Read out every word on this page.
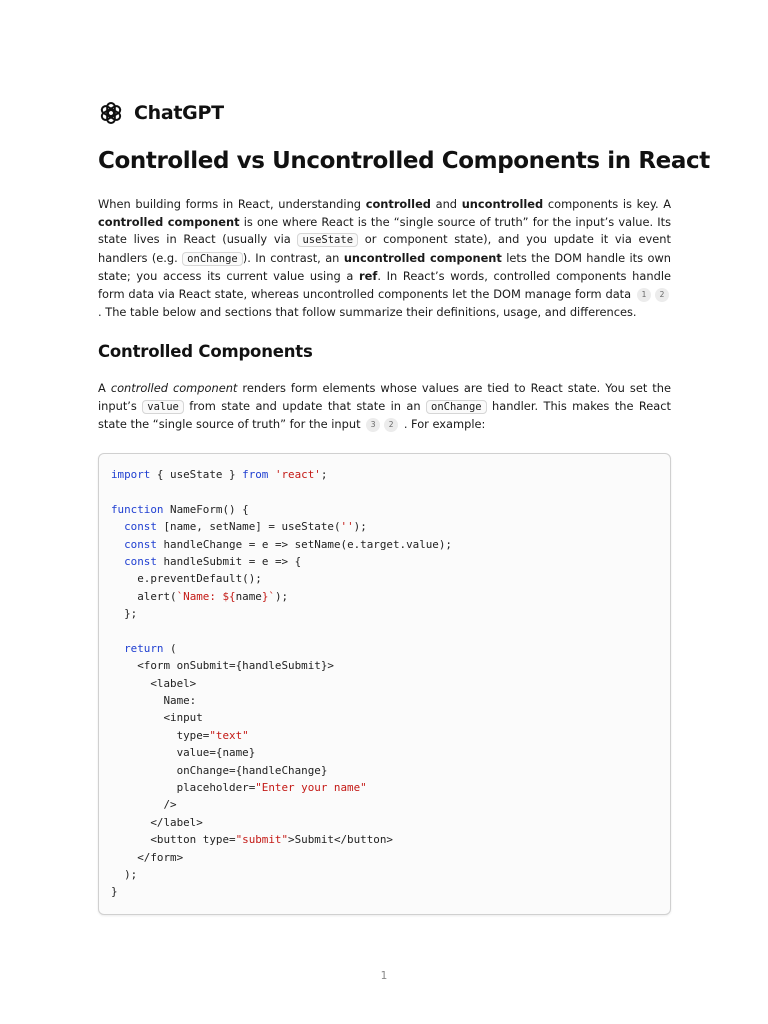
ChatGPT
Controlled vs Uncontrolled Components in React

When building forms in React, understanding controlled and uncontrolled components is key. A controlled component is one where React is the “single source of truth” for the input’s value. Its state lives in React (usually via useState or component state), and you update it via event handlers (e.g. onChange ). In contrast, an uncontrolled component lets the DOM handle its own state; you access its current value using a ref. In React’s words, controlled components handle form data via React state, whereas uncontrolled components let the DOM manage form data 1 2 . The table below and sections that follow summarize their definitions, usage, and differences.

Controlled Components

A controlled component renders form elements whose values are tied to React state. You set the input’s value from state and update that state in an onChange handler. This makes the React state the “single source of truth” for the input 3 2 . For example:

import { useState } from 'react';
function NameForm() {
const [name, setName] = useState('');
const handleChange = e => setName(e.target.value);
const handleSubmit = e => {
e.preventDefault();
alert(`Name: ${name}`);
};
return (
<form onSubmit={handleSubmit}>
<label>
Name:
<input
type="text"
value={name}
onChange={handleChange}
placeholder="Enter your name"
/>
</label>
<button type="submit">Submit</button>
</form>
);
}
1
